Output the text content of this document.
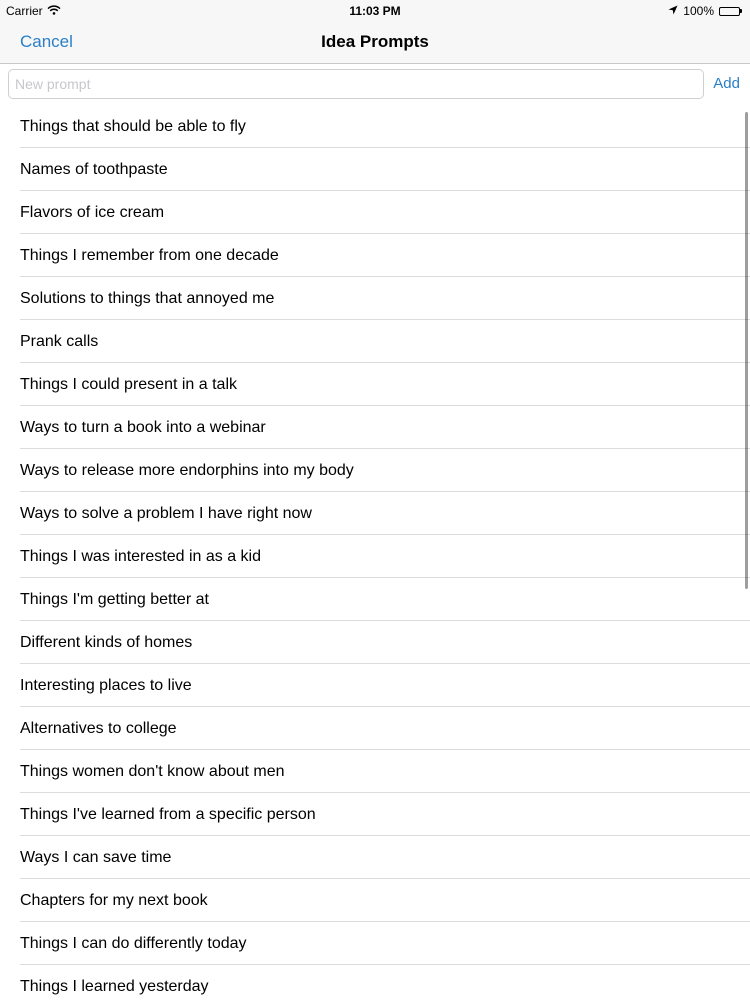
Carrier	11:03 PM	100%
Cancel	Idea Prompts
New prompt
Add
Things that should be able to fly
Names of toothpaste
Flavors of ice cream
Things I remember from one decade
Solutions to things that annoyed me
Prank calls
Things I could present in a talk
Ways to turn a book into a webinar
Ways to release more endorphins into my body
Ways to solve a problem I have right now
Things I was interested in as a kid
Things I'm getting better at
Different kinds of homes
Interesting places to live
Alternatives to college
Things women don't know about men
Things I've learned from a specific person
Ways I can save time
Chapters for my next book
Things I can do differently today
Things I learned yesterday
